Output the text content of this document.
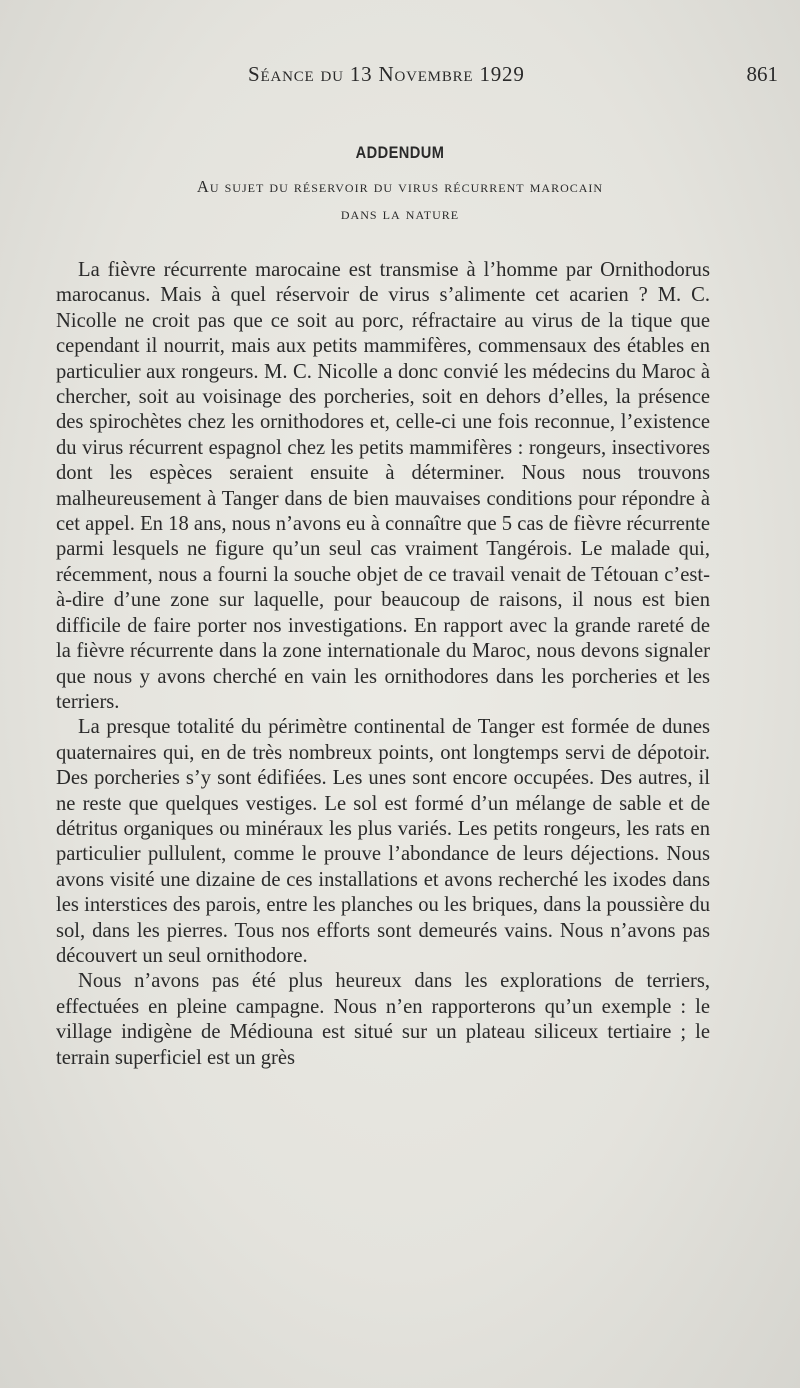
Séance du 13 Novembre 1929	861
ADDENDUM
Au sujet du réservoir du virus récurrent marocain
dans la nature

La fièvre récurrente marocaine est transmise à l’homme par Ornithodorus marocanus. Mais à quel réservoir de virus s’alimente cet acarien ? M. C. Nicolle ne croit pas que ce soit au porc, réfractaire au virus de la tique que cependant il nourrit, mais aux petits mammifères, commensaux des étables en particulier aux rongeurs. M. C. Nicolle a donc convié les médecins du Maroc à chercher, soit au voisinage des porcheries, soit en dehors d’elles, la présence des spirochètes chez les ornithodores et, celle-ci une fois reconnue, l’existence du virus récurrent espagnol chez les petits mammifères : rongeurs, insectivores dont les espèces seraient ensuite à déterminer. Nous nous trouvons malheureusement à Tanger dans de bien mauvaises conditions pour répondre à cet appel. En 18 ans, nous n’avons eu à connaître que 5 cas de fièvre récurrente parmi lesquels ne figure qu’un seul cas vraiment Tangérois. Le malade qui, récemment, nous a fourni la souche objet de ce travail venait de Tétouan c’est-à-dire d’une zone sur laquelle, pour beaucoup de raisons, il nous est bien difficile de faire porter nos investigations. En rapport avec la grande rareté de la fièvre récurrente dans la zone internationale du Maroc, nous devons signaler que nous y avons cherché en vain les ornithodores dans les porcheries et les terriers.

La presque totalité du périmètre continental de Tanger est formée de dunes quaternaires qui, en de très nombreux points, ont longtemps servi de dépotoir. Des porcheries s’y sont édifiées. Les unes sont encore occupées. Des autres, il ne reste que quelques vestiges. Le sol est formé d’un mélange de sable et de détritus organiques ou minéraux les plus variés. Les petits rongeurs, les rats en particulier pullulent, comme le prouve l’abondance de leurs déjections. Nous avons visité une dizaine de ces installations et avons recherché les ixodes dans les interstices des parois, entre les planches ou les briques, dans la poussière du sol, dans les pierres. Tous nos efforts sont demeurés vains. Nous n’avons pas découvert un seul ornithodore.

Nous n’avons pas été plus heureux dans les explorations de terriers, effectuées en pleine campagne. Nous n’en rapporterons qu’un exemple : le village indigène de Médiouna est situé sur un plateau siliceux tertiaire ; le terrain superficiel est un grès
